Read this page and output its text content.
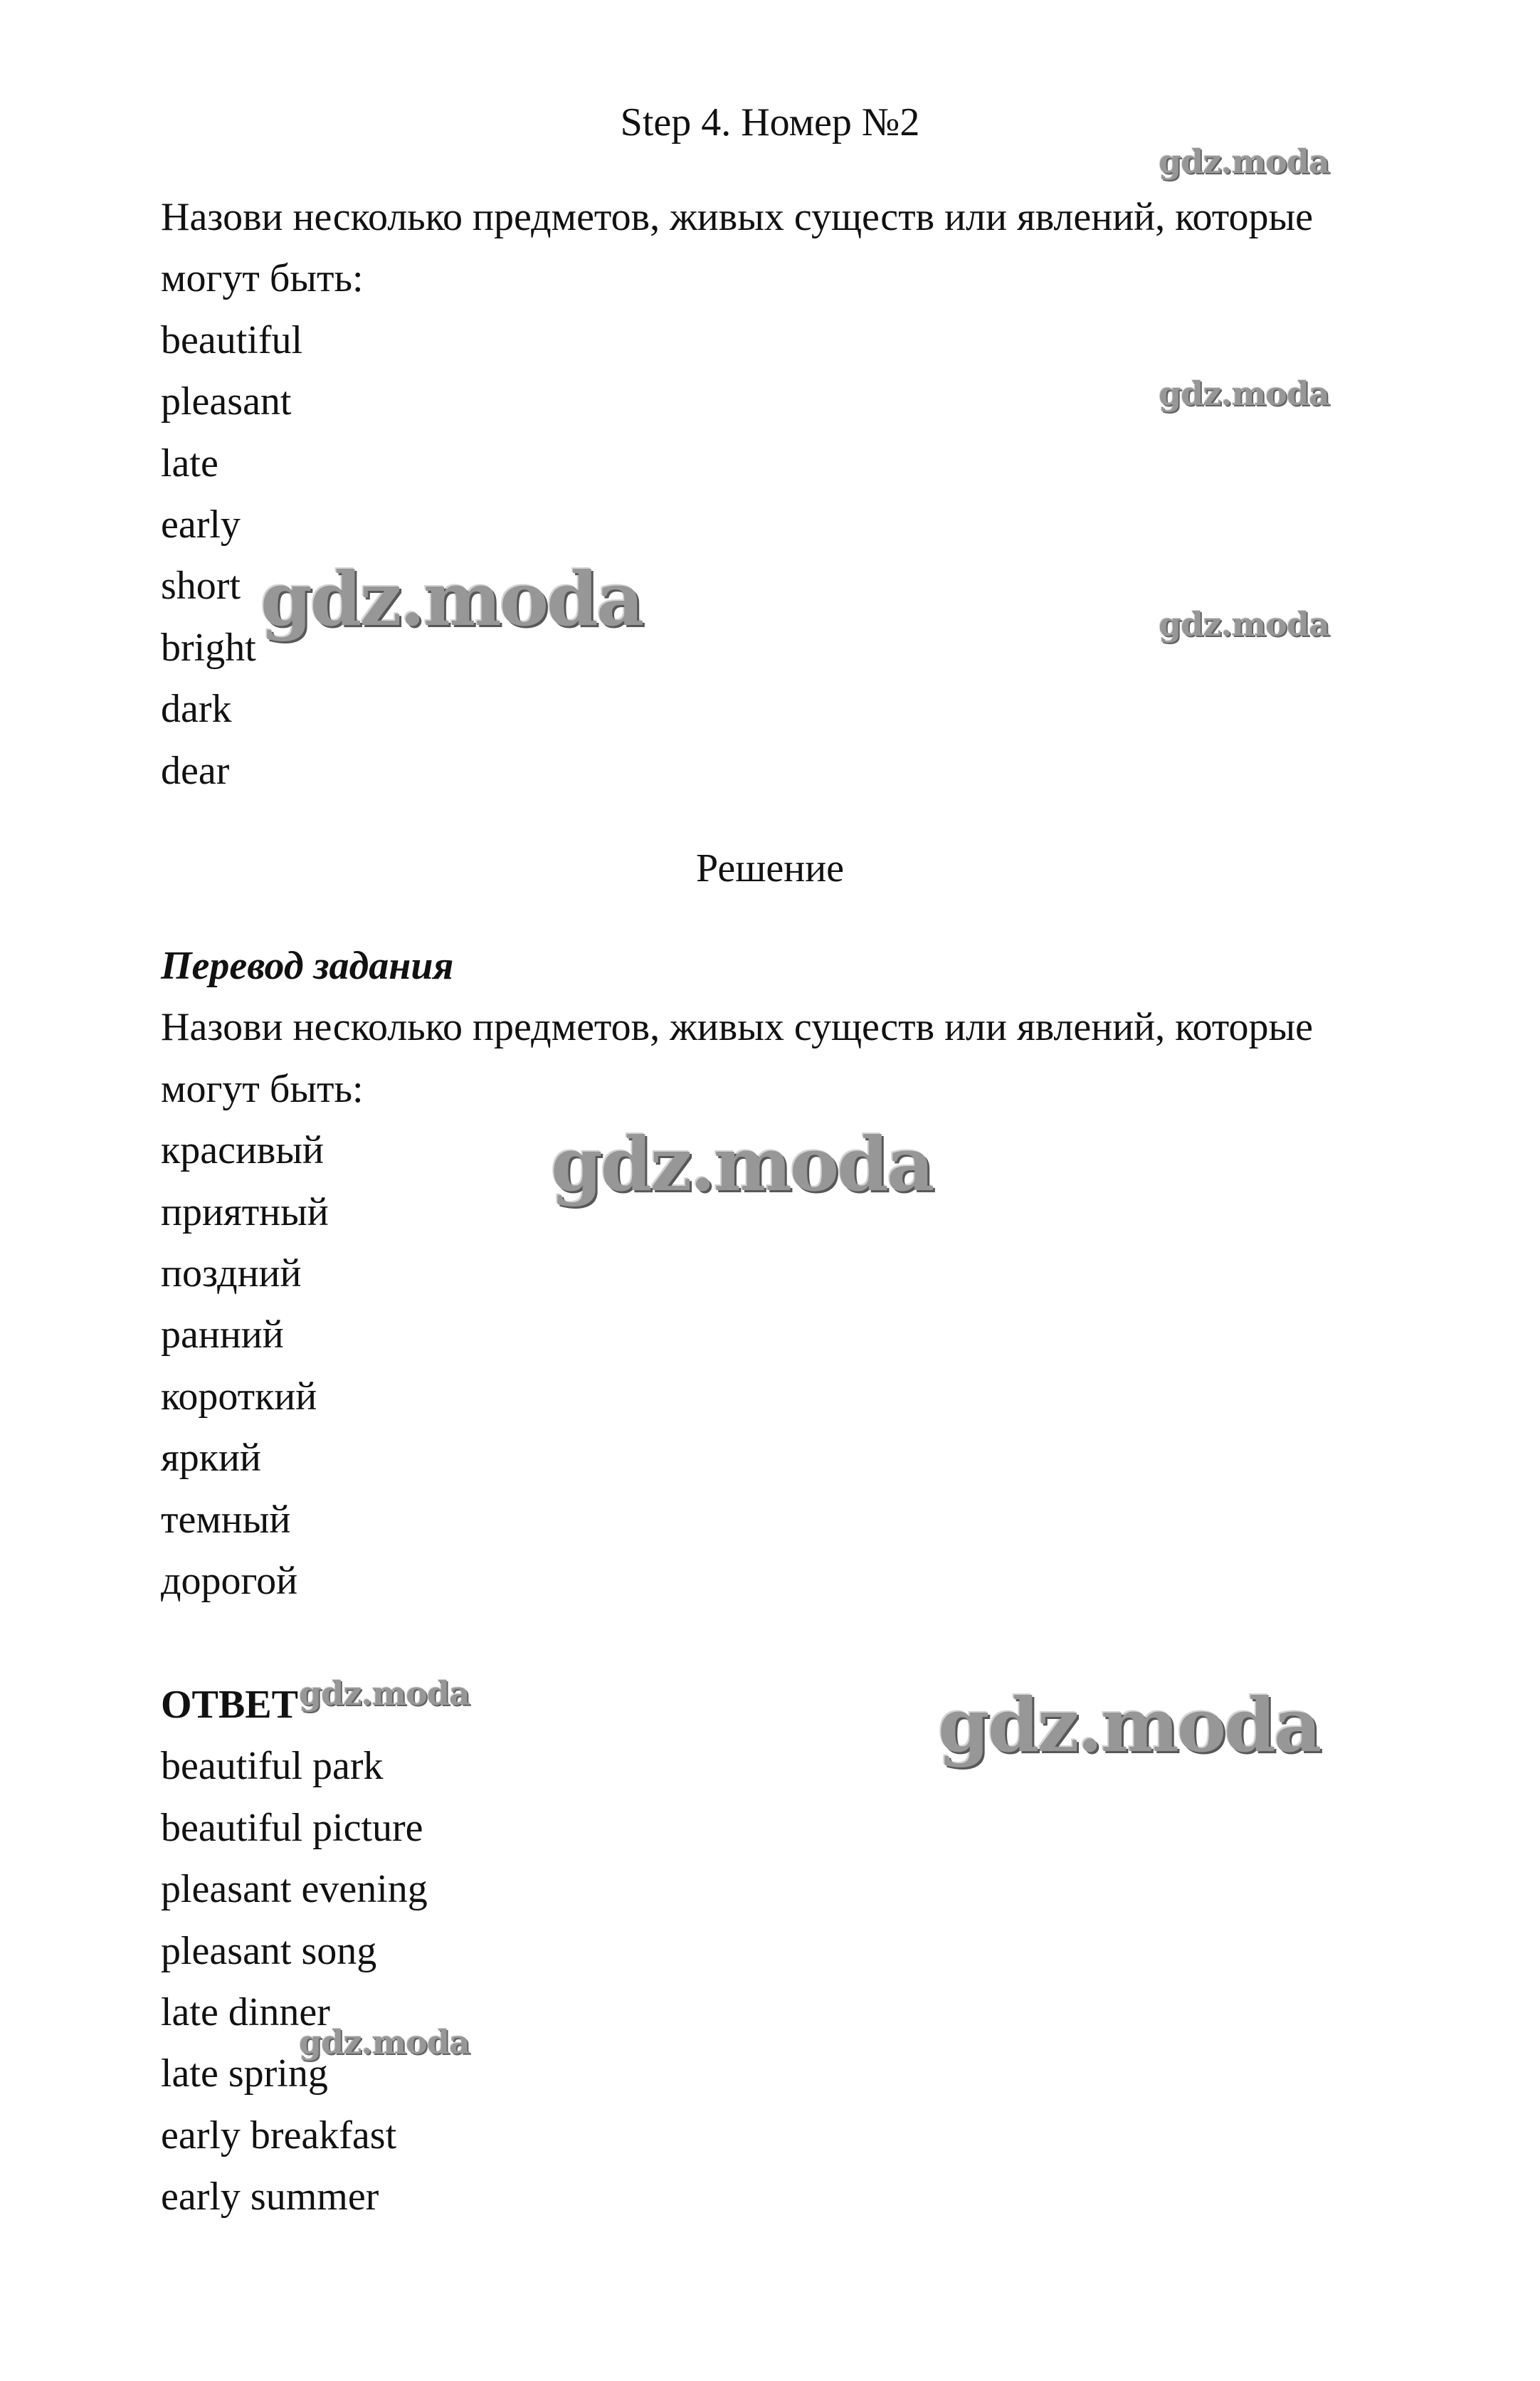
Step 4. Номер №2
Назови несколько предметов, живых существ или явлений, которые
могут быть:
beautiful
pleasant
late
early
short
bright
dark
dear
Решение
Перевод задания
Назови несколько предметов, живых существ или явлений, которые
могут быть:
красивый
приятный
поздний
ранний
короткий
яркий
темный
дорогой
ОТВЕТ
beautiful park
beautiful picture
pleasant evening
pleasant song
late dinner
late spring
early breakfast
early summer
gdz.moda
gdz.moda
gdz.moda
gdz.moda
gdz.moda
gdz.moda	gdz.moda
gdz.moda
